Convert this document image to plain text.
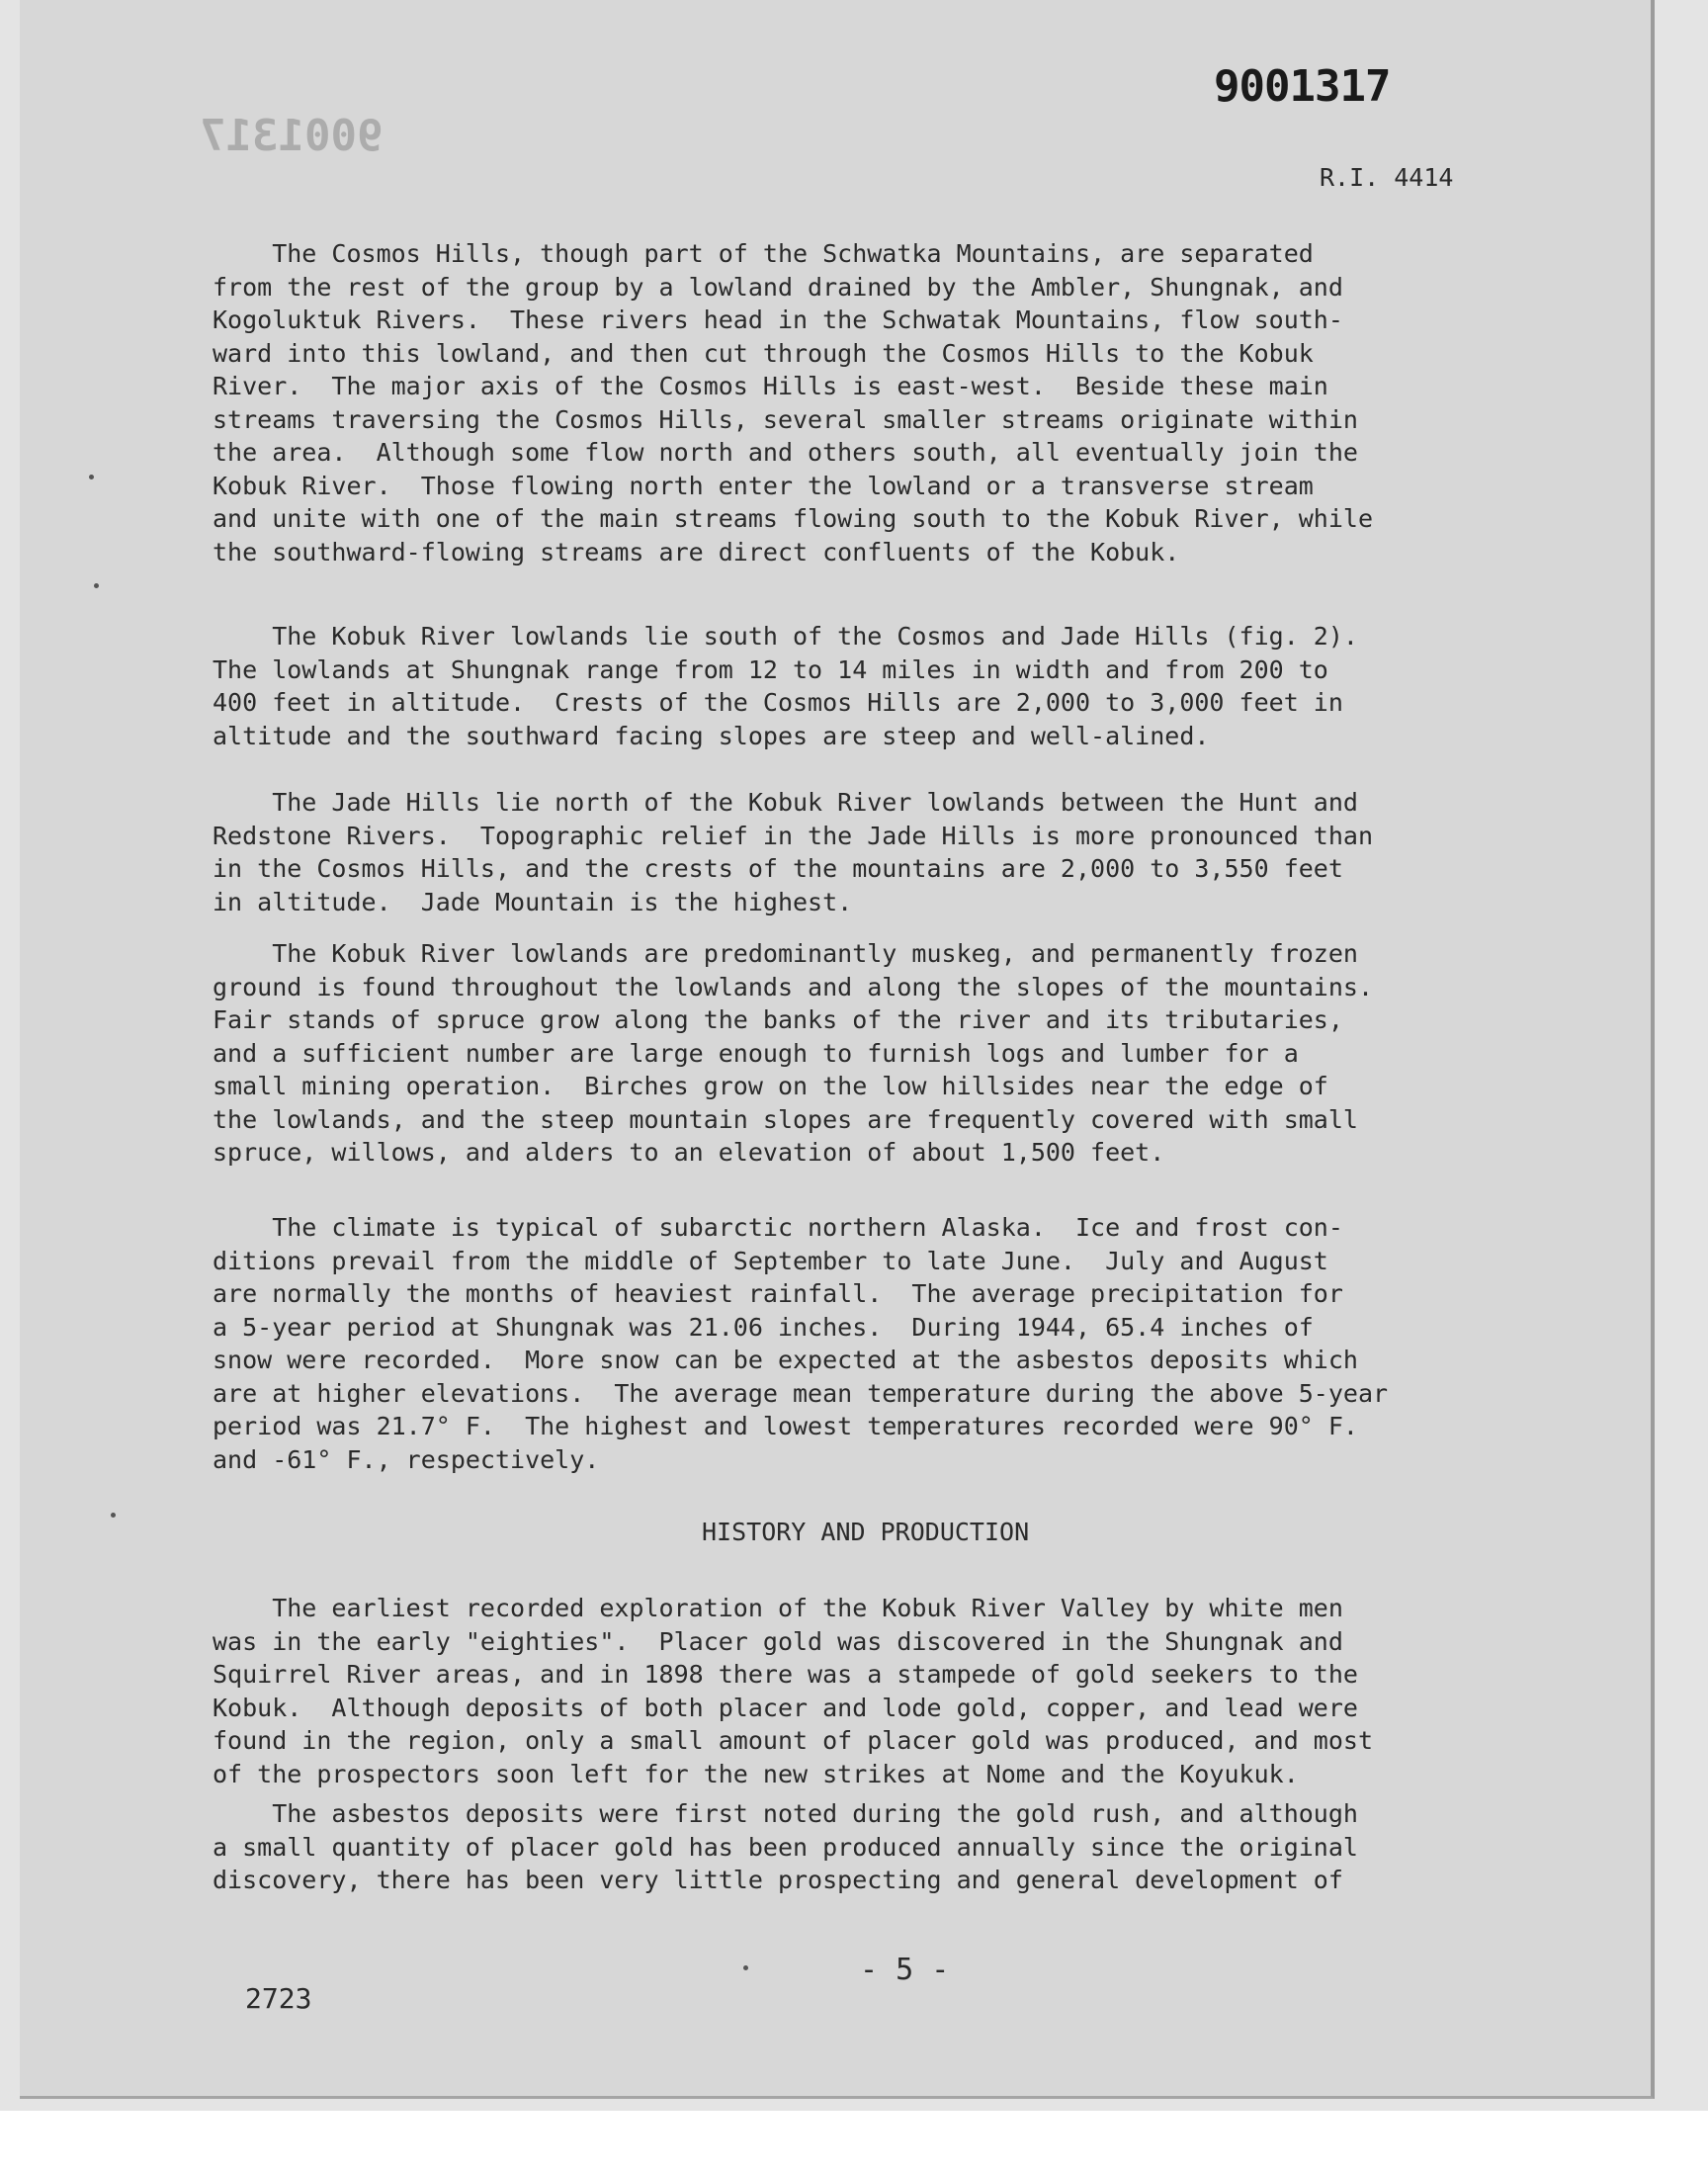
9001317
9001317
R.I. 4414

The Cosmos Hills, though part of the Schwatka Mountains, are separated
from the rest of the group by a lowland drained by the Ambler, Shungnak, and
Kogoluktuk Rivers.  These rivers head in the Schwatak Mountains, flow south-
ward into this lowland, and then cut through the Cosmos Hills to the Kobuk
River.  The major axis of the Cosmos Hills is east-west.  Beside these main
streams traversing the Cosmos Hills, several smaller streams originate within
the area.  Although some flow north and others south, all eventually join the
Kobuk River.  Those flowing north enter the lowland or a transverse stream
and unite with one of the main streams flowing south to the Kobuk River, while
the southward-flowing streams are direct confluents of the Kobuk.

The Kobuk River lowlands lie south of the Cosmos and Jade Hills (fig. 2).
The lowlands at Shungnak range from 12 to 14 miles in width and from 200 to
400 feet in altitude.  Crests of the Cosmos Hills are 2,000 to 3,000 feet in
altitude and the southward facing slopes are steep and well-alined.

The Jade Hills lie north of the Kobuk River lowlands between the Hunt and
Redstone Rivers.  Topographic relief in the Jade Hills is more pronounced than
in the Cosmos Hills, and the crests of the mountains are 2,000 to 3,550 feet
in altitude.  Jade Mountain is the highest.

The Kobuk River lowlands are predominantly muskeg, and permanently frozen
ground is found throughout the lowlands and along the slopes of the mountains.
Fair stands of spruce grow along the banks of the river and its tributaries,
and a sufficient number are large enough to furnish logs and lumber for a
small mining operation.  Birches grow on the low hillsides near the edge of
the lowlands, and the steep mountain slopes are frequently covered with small
spruce, willows, and alders to an elevation of about 1,500 feet.

The climate is typical of subarctic northern Alaska.  Ice and frost con-
ditions prevail from the middle of September to late June.  July and August
are normally the months of heaviest rainfall.  The average precipitation for
a 5-year period at Shungnak was 21.06 inches.  During 1944, 65.4 inches of
snow were recorded.  More snow can be expected at the asbestos deposits which
are at higher elevations.  The average mean temperature during the above 5-year
period was 21.7° F.  The highest and lowest temperatures recorded were 90° F.
and -61° F., respectively.

HISTORY AND PRODUCTION

The earliest recorded exploration of the Kobuk River Valley by white men
was in the early "eighties".  Placer gold was discovered in the Shungnak and
Squirrel River areas, and in 1898 there was a stampede of gold seekers to the
Kobuk.  Although deposits of both placer and lode gold, copper, and lead were
found in the region, only a small amount of placer gold was produced, and most
of the prospectors soon left for the new strikes at Nome and the Koyukuk.

The asbestos deposits were first noted during the gold rush, and although
a small quantity of placer gold has been produced annually since the original
discovery, there has been very little prospecting and general development of

- 5 -
2723
